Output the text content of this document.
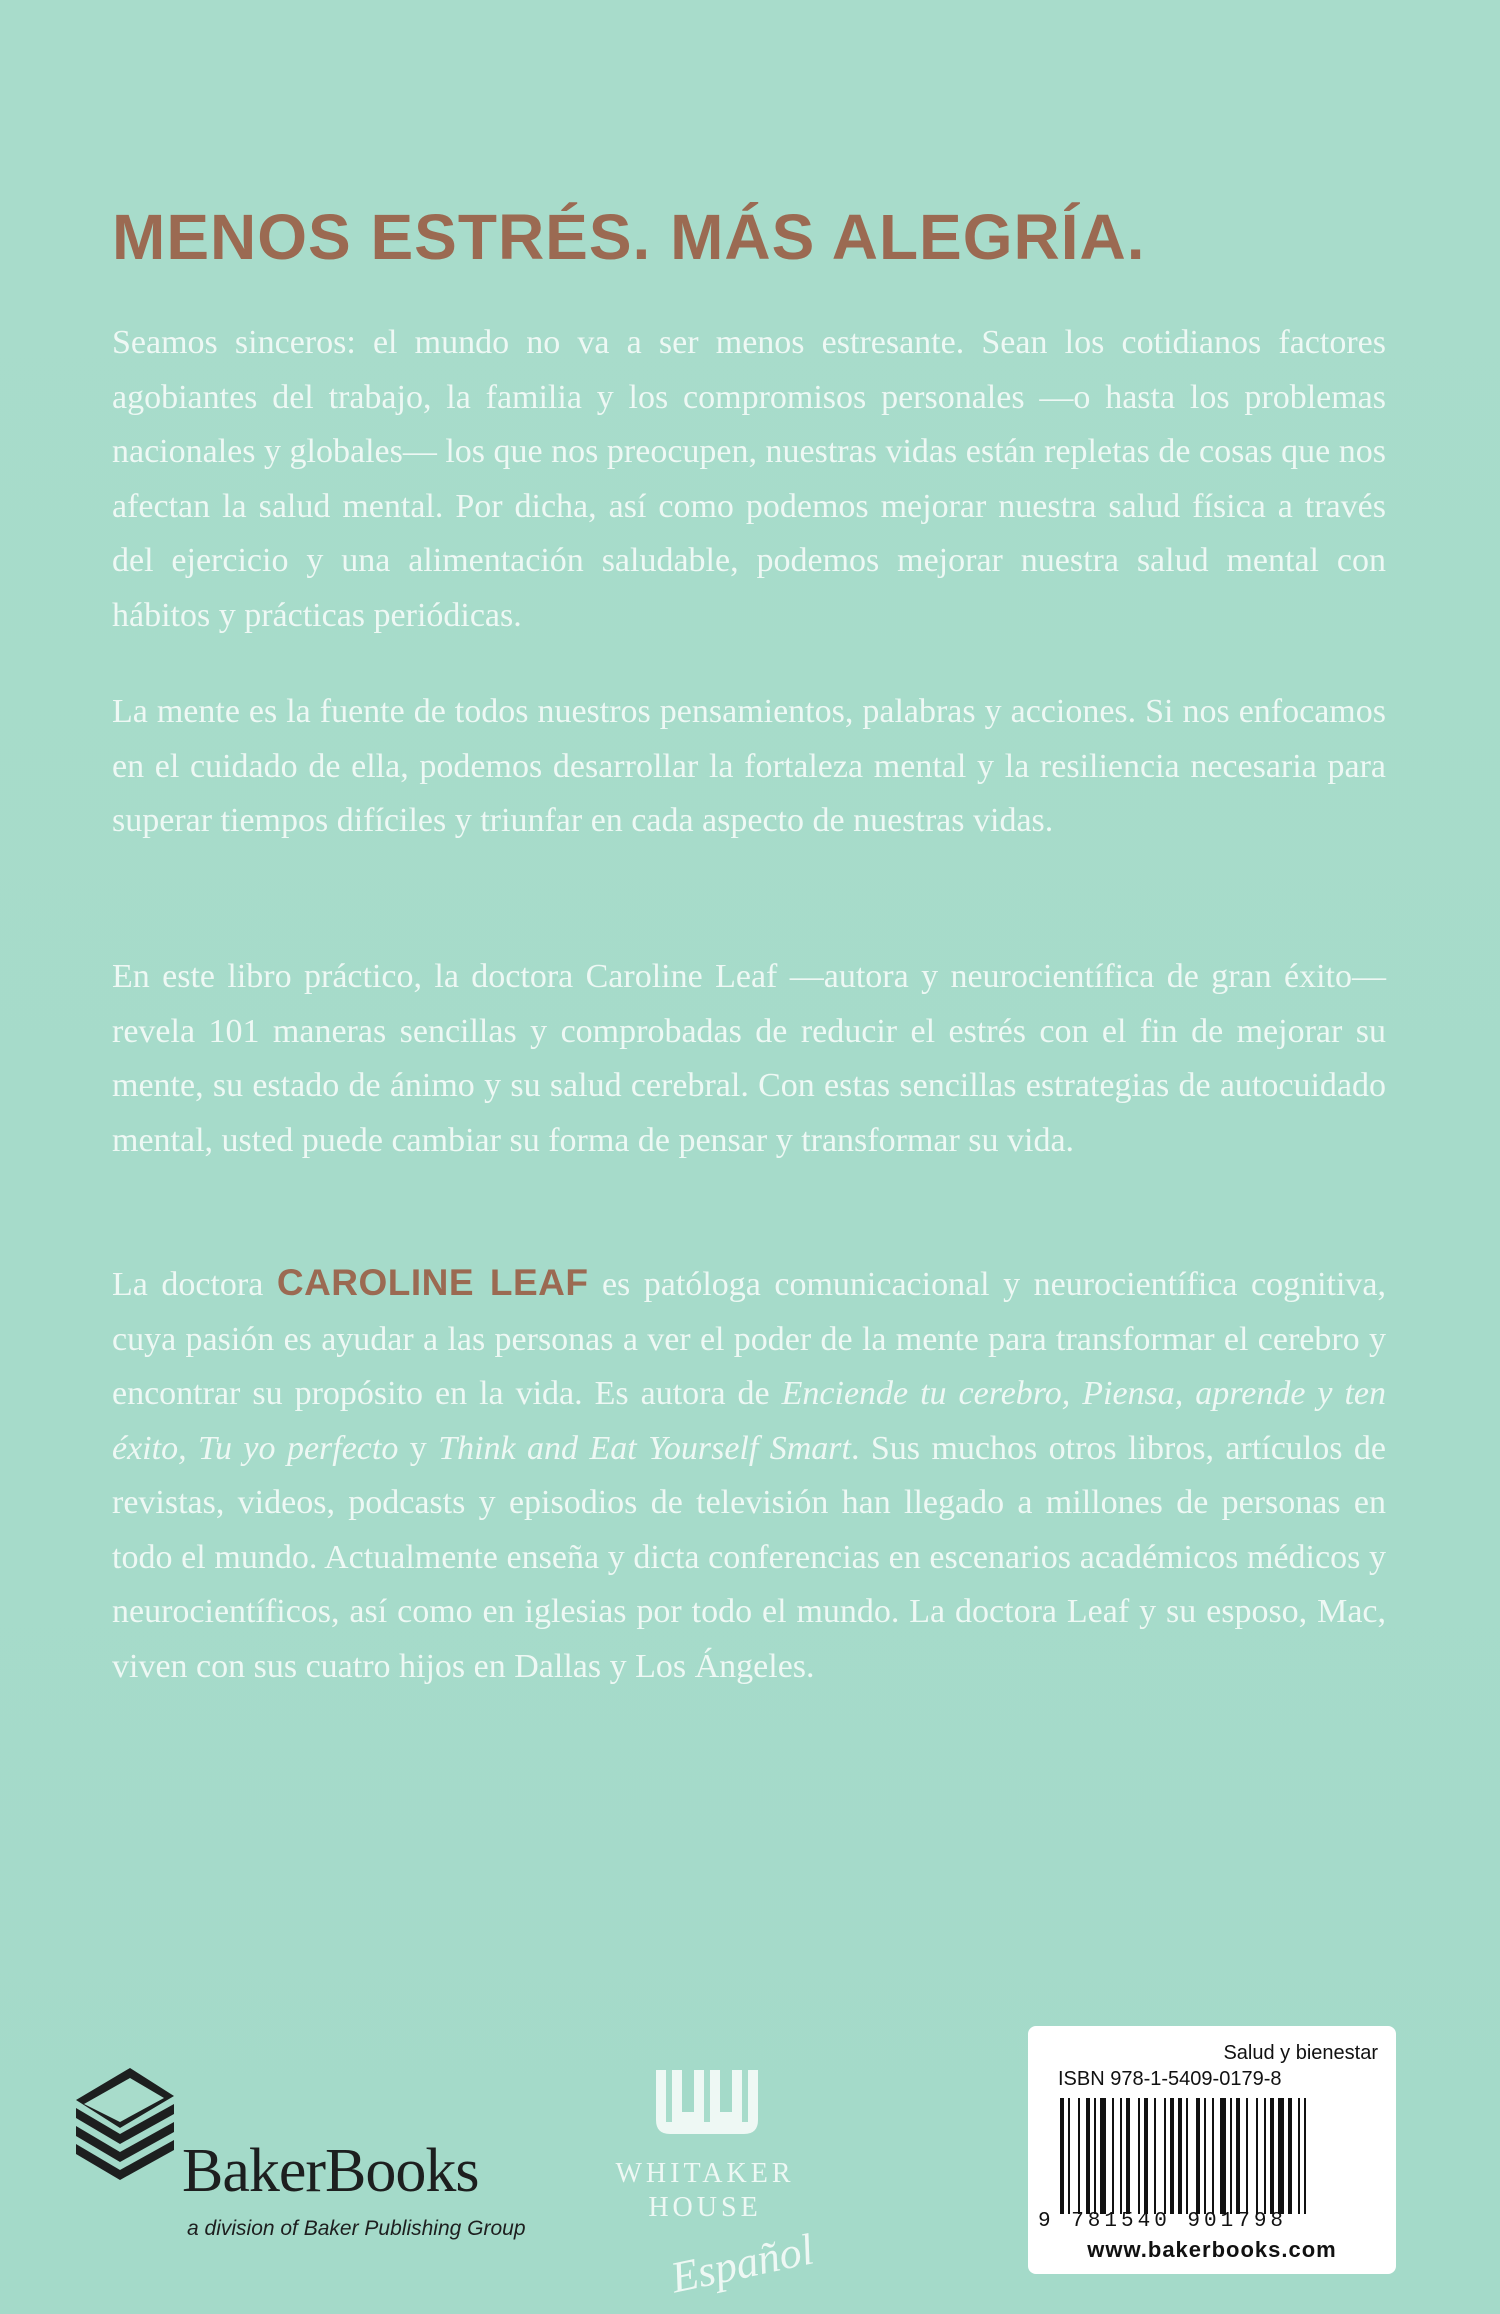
MENOS ESTRÉS. MÁS ALEGRÍA.

Seamos sinceros: el mundo no va a ser menos estresante. Sean los cotidianos factores agobiantes del trabajo, la familia y los compromisos personales —o hasta los problemas nacionales y globales— los que nos preocupen, nuestras vidas están repletas de cosas que nos afectan la salud mental. Por dicha, así como podemos mejorar nuestra salud física a través del ejercicio y una alimentación saludable, podemos mejorar nuestra salud mental con hábitos y prácticas periódicas.

La mente es la fuente de todos nuestros pensamientos, palabras y acciones. Si nos enfocamos en el cuidado de ella, podemos desarrollar la fortaleza mental y la resiliencia necesaria para superar tiempos difíciles y triunfar en cada aspecto de nuestras vidas.

En este libro práctico, la doctora Caroline Leaf —autora y neurocientífica de gran éxito— revela 101 maneras sencillas y comprobadas de reducir el estrés con el fin de mejorar su mente, su estado de ánimo y su salud cerebral. Con estas sencillas estrategias de autocuidado mental, usted puede cambiar su forma de pensar y transformar su vida.

La doctora CAROLINE LEAF es patóloga comunicacional y neurocientífica cognitiva, cuya pasión es ayudar a las personas a ver el poder de la mente para transformar el cerebro y encontrar su propósito en la vida. Es autora de Enciende tu cerebro, Piensa, aprende y ten éxito, Tu yo perfecto y Think and Eat Yourself Smart. Sus muchos otros libros, artículos de revistas, videos, podcasts y episodios de televisión han llegado a millones de personas en todo el mundo. Actualmente enseña y dicta conferencias en escenarios académicos médicos y neurocientíficos, así como en iglesias por todo el mundo. La doctora Leaf y su esposo, Mac, viven con sus cuatro hijos en Dallas y Los Ángeles.

BakerBooks
a division of Baker Publishing Group
WHITAKER
HOUSE
Español
Salud y bienestar
ISBN 978-1-5409-0179-8
9 781540 901798
www.bakerbooks.com
